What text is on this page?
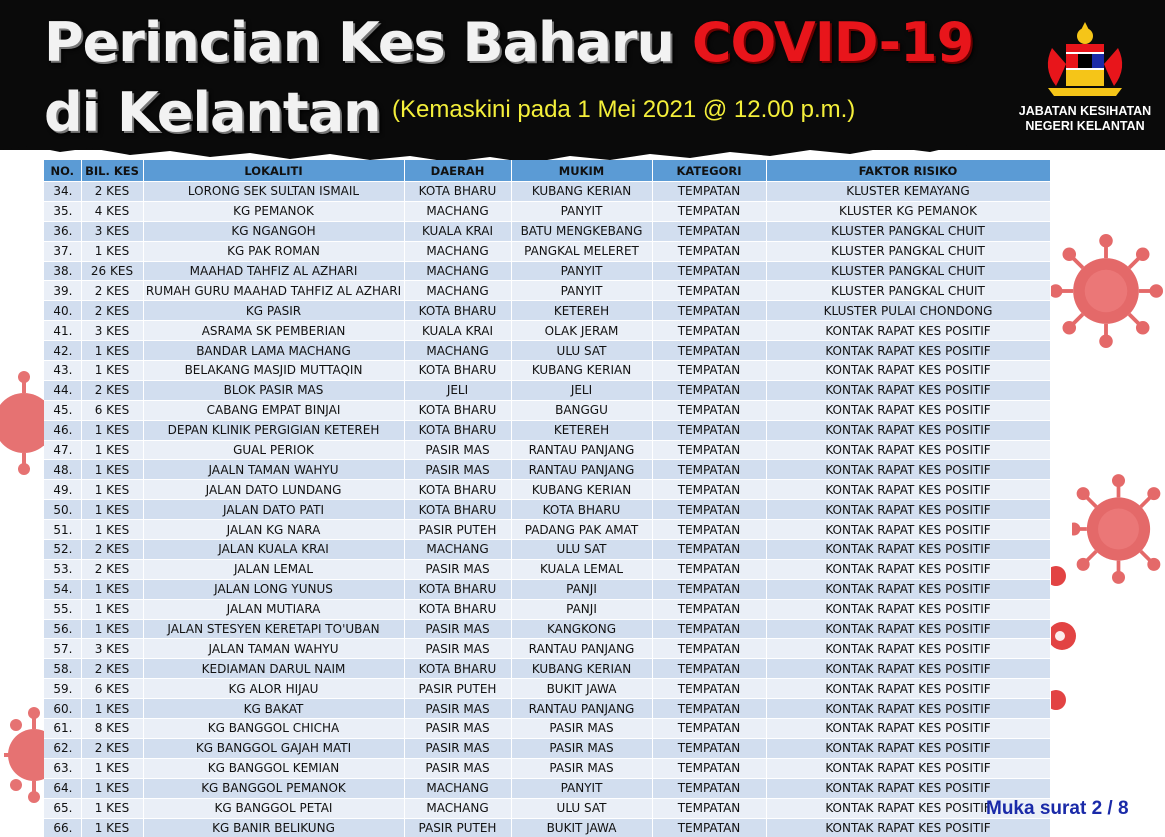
Perincian Kes Baharu COVID-19
di Kelantan (Kemaskini pada 1 Mei 2021 @ 12.00 p.m.)	JABATAN KESIHATAN
NEGERI KELANTAN
NO.	BIL. KES	LOKALITI	DAERAH	MUKIM	KATEGORI	FAKTOR RISIKO
34.	2 KES	LORONG SEK SULTAN ISMAIL	KOTA BHARU	KUBANG KERIAN	TEMPATAN	KLUSTER KEMAYANG
35.	4 KES	KG PEMANOK	MACHANG	PANYIT	TEMPATAN	KLUSTER KG PEMANOK
36.	3 KES	KG NGANGOH	KUALA KRAI	BATU MENGKEBANG	TEMPATAN	KLUSTER PANGKAL CHUIT
37.	1 KES	KG PAK ROMAN	MACHANG	PANGKAL MELERET	TEMPATAN	KLUSTER PANGKAL CHUIT
38.	26 KES	MAAHAD TAHFIZ AL AZHARI	MACHANG	PANYIT	TEMPATAN	KLUSTER PANGKAL CHUIT
39.	2 KES	RUMAH GURU MAAHAD TAHFIZ AL AZHARI	MACHANG	PANYIT	TEMPATAN	KLUSTER PANGKAL CHUIT
40.	2 KES	KG PASIR	KOTA BHARU	KETEREH	TEMPATAN	KLUSTER PULAI CHONDONG
41.	3 KES	ASRAMA SK PEMBERIAN	KUALA KRAI	OLAK JERAM	TEMPATAN	KONTAK RAPAT KES POSITIF
42.	1 KES	BANDAR LAMA MACHANG	MACHANG	ULU SAT	TEMPATAN	KONTAK RAPAT KES POSITIF
43.	1 KES	BELAKANG MASJID MUTTAQIN	KOTA BHARU	KUBANG KERIAN	TEMPATAN	KONTAK RAPAT KES POSITIF
44.	2 KES	BLOK PASIR MAS	JELI	JELI	TEMPATAN	KONTAK RAPAT KES POSITIF
45.	6 KES	CABANG EMPAT BINJAI	KOTA BHARU	BANGGU	TEMPATAN	KONTAK RAPAT KES POSITIF
46.	1 KES	DEPAN KLINIK PERGIGIAN KETEREH	KOTA BHARU	KETEREH	TEMPATAN	KONTAK RAPAT KES POSITIF
47.	1 KES	GUAL PERIOK	PASIR MAS	RANTAU PANJANG	TEMPATAN	KONTAK RAPAT KES POSITIF
48.	1 KES	JAALN TAMAN WAHYU	PASIR MAS	RANTAU PANJANG	TEMPATAN	KONTAK RAPAT KES POSITIF
49.	1 KES	JALAN DATO LUNDANG	KOTA BHARU	KUBANG KERIAN	TEMPATAN	KONTAK RAPAT KES POSITIF
50.	1 KES	JALAN DATO PATI	KOTA BHARU	KOTA BHARU	TEMPATAN	KONTAK RAPAT KES POSITIF
51.	1 KES	JALAN KG NARA	PASIR PUTEH	PADANG PAK AMAT	TEMPATAN	KONTAK RAPAT KES POSITIF
52.	2 KES	JALAN KUALA KRAI	MACHANG	ULU SAT	TEMPATAN	KONTAK RAPAT KES POSITIF
53.	2 KES	JALAN LEMAL	PASIR MAS	KUALA LEMAL	TEMPATAN	KONTAK RAPAT KES POSITIF
54.	1 KES	JALAN LONG YUNUS	KOTA BHARU	PANJI	TEMPATAN	KONTAK RAPAT KES POSITIF
55.	1 KES	JALAN MUTIARA	KOTA BHARU	PANJI	TEMPATAN	KONTAK RAPAT KES POSITIF
56.	1 KES	JALAN STESYEN KERETAPI TO'UBAN	PASIR MAS	KANGKONG	TEMPATAN	KONTAK RAPAT KES POSITIF
57.	3 KES	JALAN TAMAN WAHYU	PASIR MAS	RANTAU PANJANG	TEMPATAN	KONTAK RAPAT KES POSITIF
58.	2 KES	KEDIAMAN DARUL NAIM	KOTA BHARU	KUBANG KERIAN	TEMPATAN	KONTAK RAPAT KES POSITIF
59.	6 KES	KG ALOR HIJAU	PASIR PUTEH	BUKIT JAWA	TEMPATAN	KONTAK RAPAT KES POSITIF
60.	1 KES	KG BAKAT	PASIR MAS	RANTAU PANJANG	TEMPATAN	KONTAK RAPAT KES POSITIF
61.	8 KES	KG BANGGOL CHICHA	PASIR MAS	PASIR MAS	TEMPATAN	KONTAK RAPAT KES POSITIF
62.	2 KES	KG BANGGOL GAJAH MATI	PASIR MAS	PASIR MAS	TEMPATAN	KONTAK RAPAT KES POSITIF
63.	1 KES	KG BANGGOL KEMIAN	PASIR MAS	PASIR MAS	TEMPATAN	KONTAK RAPAT KES POSITIF
64.	1 KES	KG BANGGOL PEMANOK	MACHANG	PANYIT	TEMPATAN	KONTAK RAPAT KES POSITIF
65.	1 KES	KG BANGGOL PETAI	MACHANG	ULU SAT	TEMPATAN	KONTAK RAPAT KES POSITIF
66.	1 KES	KG BANIR BELIKUNG	PASIR PUTEH	BUKIT JAWA	TEMPATAN	KONTAK RAPAT KES POSITIF
Muka surat 2 / 8
